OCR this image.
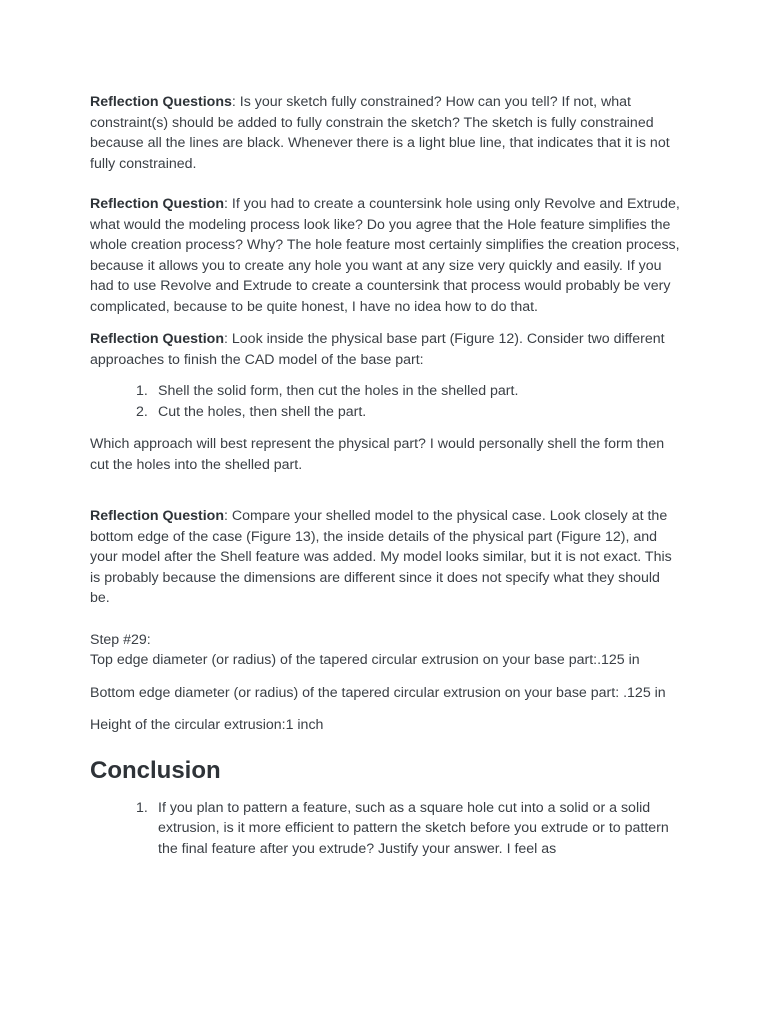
Reflection Questions: Is your sketch fully constrained? How can you tell? If not, what constraint(s) should be added to fully constrain the sketch? The sketch is fully constrained because all the lines are black. Whenever there is a light blue line, that indicates that it is not fully constrained.

Reflection Question: If you had to create a countersink hole using only Revolve and Extrude, what would the modeling process look like? Do you agree that the Hole feature simplifies the whole creation process? Why? The hole feature most certainly simplifies the creation process, because it allows you to create any hole you want at any size very quickly and easily. If you had to use Revolve and Extrude to create a countersink that process would probably be very complicated, because to be quite honest, I have no idea how to do that.

Reflection Question: Look inside the physical base part (Figure 12). Consider two different approaches to finish the CAD model of the base part:

1. Shell the solid form, then cut the holes in the shelled part.
2. Cut the holes, then shell the part.

Which approach will best represent the physical part? I would personally shell the form then cut the holes into the shelled part.

Reflection Question: Compare your shelled model to the physical case. Look closely at the bottom edge of the case (Figure 13), the inside details of the physical part (Figure 12), and your model after the Shell feature was added. My model looks similar, but it is not exact. This is probably because the dimensions are different since it does not specify what they should be.

Step #29:

Top edge diameter (or radius) of the tapered circular extrusion on your base part:.125 in

Bottom edge diameter (or radius) of the tapered circular extrusion on your base part: .125 in

Height of the circular extrusion:1 inch

Conclusion
1. If you plan to pattern a feature, such as a square hole cut into a solid or a solid extrusion, is it more efficient to pattern the sketch before you extrude or to pattern the final feature after you extrude? Justify your answer. I feel as
